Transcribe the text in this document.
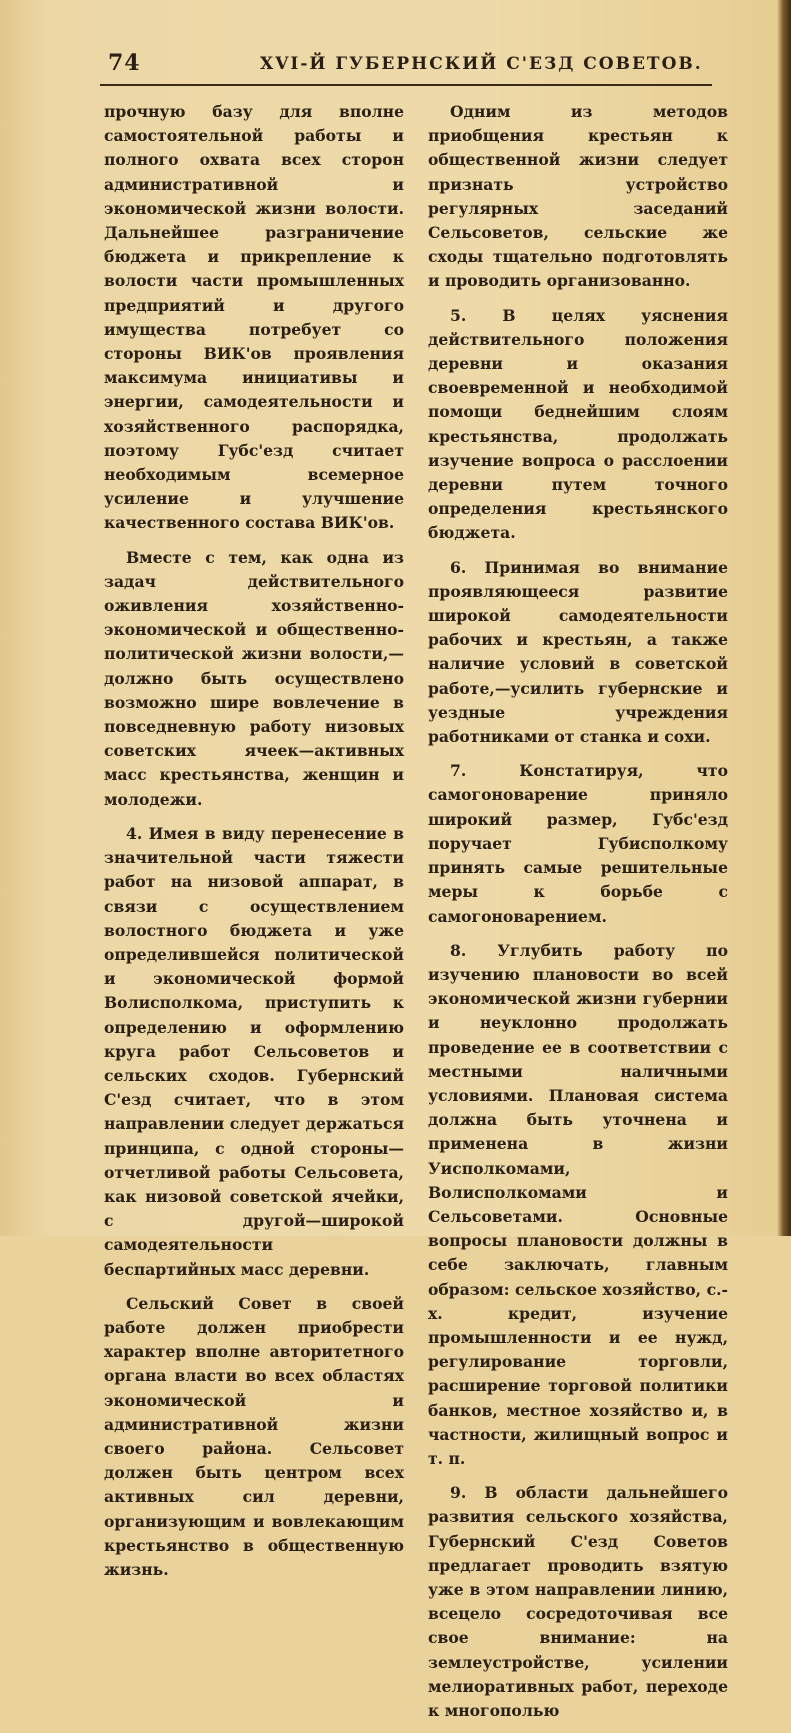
74	XVI-Й ГУБЕРНСКИЙ С'ЕЗД СОВЕТОВ.

прочную базу для вполне самостоятельной работы и полного охвата всех сторон административной и экономической жизни волости. Дальнейшее разграничение бюджета и прикрепление к волости части промышленных предприятий и другого имущества потребует со стороны ВИК'ов проявления максимума инициативы и энергии, самодеятельности и хозяйственного распорядка, поэтому Губс'езд считает необходимым всемерное усиление и улучшение качественного состава ВИК'ов.

Вместе с тем, как одна из задач действительного оживления хозяйственно-экономической и общественно-политической жизни волости,—должно быть осуществлено возможно шире вовлечение в повседневную работу низовых советских ячеек—активных масс крестьянства, женщин и молодежи.

4. Имея в виду перенесение в значительной части тяжести работ на низовой аппарат, в связи с осуществлением волостного бюджета и уже определившейся политической и экономической формой Волисполкома, приступить к определению и оформлению круга работ Сельсоветов и сельских сходов. Губернский С'езд считает, что в этом направлении следует держаться принципа, с одной стороны—отчетливой работы Сельсовета, как низовой советской ячейки, с другой—широкой самодеятельности беспартийных масс деревни.

Сельский Совет в своей работе должен приобрести характер вполне авторитетного органа власти во всех областях экономической и административной жизни своего района. Сельсовет должен быть центром всех активных сил деревни, организующим и вовлекающим крестьянство в общественную жизнь.

Одним из методов приобщения крестьян к общественной жизни следует признать устройство регулярных заседаний Сельсоветов, сельские же сходы тщательно подготовлять и проводить организованно.

5. В целях уяснения действительного положения деревни и оказания своевременной и необходимой помощи беднейшим слоям крестьянства, продолжать изучение вопроса о расслоении деревни путем точного определения крестьянского бюджета.

6. Принимая во внимание проявляющееся развитие широкой самодеятельности рабочих и крестьян, а также наличие условий в советской работе,—усилить губернские и уездные учреждения работниками от станка и сохи.

7. Констатируя, что самогоноварение приняло широкий размер, Губс'езд поручает Губисполкому принять самые решительные меры к борьбе с самогоноварением.

8. Углубить работу по изучению плановости во всей экономической жизни губернии и неуклонно продолжать проведение ее в соответствии с местными наличными условиями. Плановая система должна быть уточнена и применена в жизни Уисполкомами, Волисполкомами и Сельсоветами. Основные вопросы плановости должны в себе заключать, главным образом: сельское хозяйство, с.-х. кредит, изучение промышленности и ее нужд, регулирование торговли, расширение торговой политики банков, местное хозяйство и, в частности, жилищный вопрос и т. п.

9. В области дальнейшего развития сельского хозяйства, Губернский С'езд Советов предлагает проводить взятую уже в этом направлении линию, всецело сосредоточивая все свое внимание: на землеустройстве, усилении мелиоративных работ, переходе к многополью
